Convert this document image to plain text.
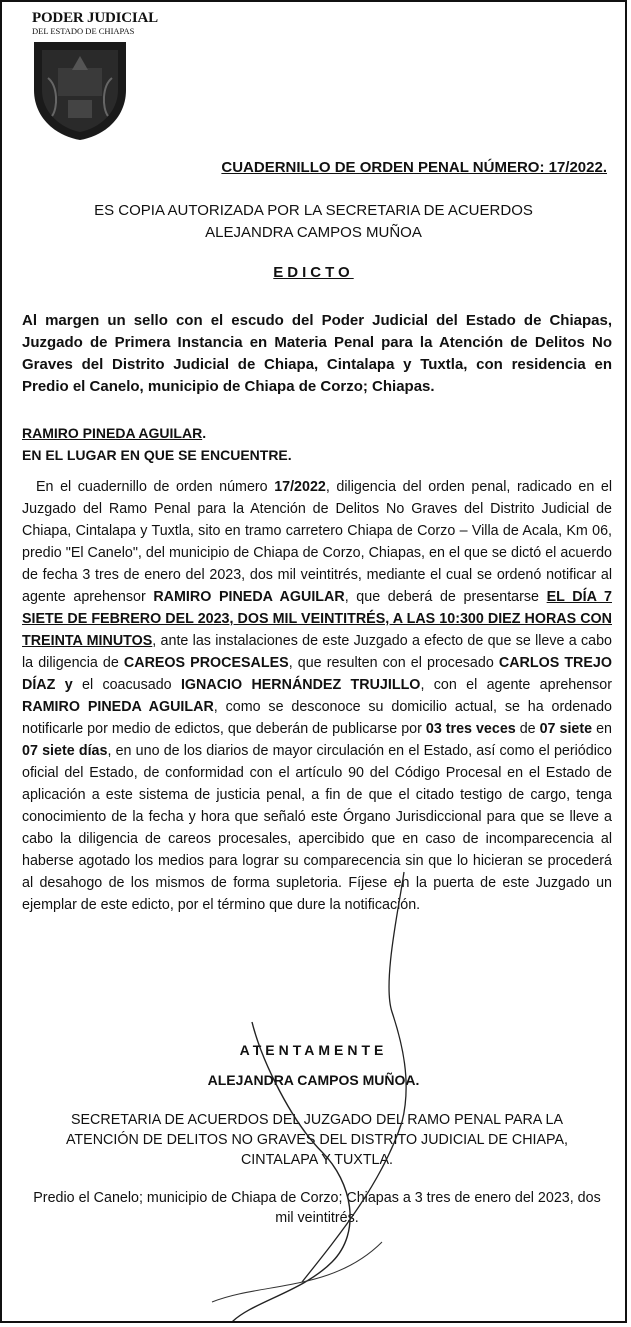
PODER JUDICIAL
DEL ESTADO DE CHIAPAS
CUADERNILLO DE ORDEN PENAL NÚMERO: 17/2022.
ES COPIA AUTORIZADA POR LA SECRETARIA DE ACUERDOS
ALEJANDRA CAMPOS MUÑOA
EDICTO
Al margen un sello con el escudo del Poder Judicial del Estado de Chiapas, Juzgado de Primera Instancia en Materia Penal para la Atención de Delitos No Graves del Distrito Judicial de Chiapa, Cintalapa y Tuxtla, con residencia en Predio el Canelo, municipio de Chiapa de Corzo; Chiapas.
RAMIRO PINEDA AGUILAR.
EN EL LUGAR EN QUE SE ENCUENTRE.
En el cuadernillo de orden número 17/2022, diligencia del orden penal, radicado en el Juzgado del Ramo Penal para la Atención de Delitos No Graves del Distrito Judicial de Chiapa, Cintalapa y Tuxtla, sito en tramo carretero Chiapa de Corzo – Villa de Acala, Km 06, predio "El Canelo", del municipio de Chiapa de Corzo, Chiapas, en el que se dictó el acuerdo de fecha 3 tres de enero del 2023, dos mil veintitrés, mediante el cual se ordenó notificar al agente aprehensor RAMIRO PINEDA AGUILAR, que deberá de presentarse EL DÍA 7 SIETE DE FEBRERO DEL 2023, DOS MIL VEINTITRÉS, A LAS 10:300 DIEZ HORAS CON TREINTA MINUTOS, ante las instalaciones de este Juzgado a efecto de que se lleve a cabo la diligencia de CAREOS PROCESALES, que resulten con el procesado CARLOS TREJO DÍAZ y el coacusado IGNACIO HERNÁNDEZ TRUJILLO, con el agente aprehensor RAMIRO PINEDA AGUILAR, como se desconoce su domicilio actual, se ha ordenado notificarle por medio de edictos, que deberán de publicarse por 03 tres veces de 07 siete en 07 siete días, en uno de los diarios de mayor circulación en el Estado, así como el periódico oficial del Estado, de conformidad con el artículo 90 del Código Procesal en el Estado de aplicación a este sistema de justicia penal, a fin de que el citado testigo de cargo, tenga conocimiento de la fecha y hora que señaló este Órgano Jurisdiccional para que se lleve a cabo la diligencia de careos procesales, apercibido que en caso de incomparecencia al haberse agotado los medios para lograr su comparecencia sin que lo hicieran se procederá al desahogo de los mismos de forma supletoria. Fíjese en la puerta de este Juzgado un ejemplar de este edicto, por el término que dure la notificación.
ATENTAMENTE
ALEJANDRA CAMPOS MUÑOA.
SECRETARIA DE ACUERDOS DEL JUZGADO DEL RAMO PENAL PARA LA ATENCIÓN DE DELITOS NO GRAVES DEL DISTRITO JUDICIAL DE CHIAPA, CINTALAPA Y TUXTLA.
Predio el Canelo; municipio de Chiapa de Corzo; Chiapas a 3 tres de enero del 2023, dos mil veintitrés.
